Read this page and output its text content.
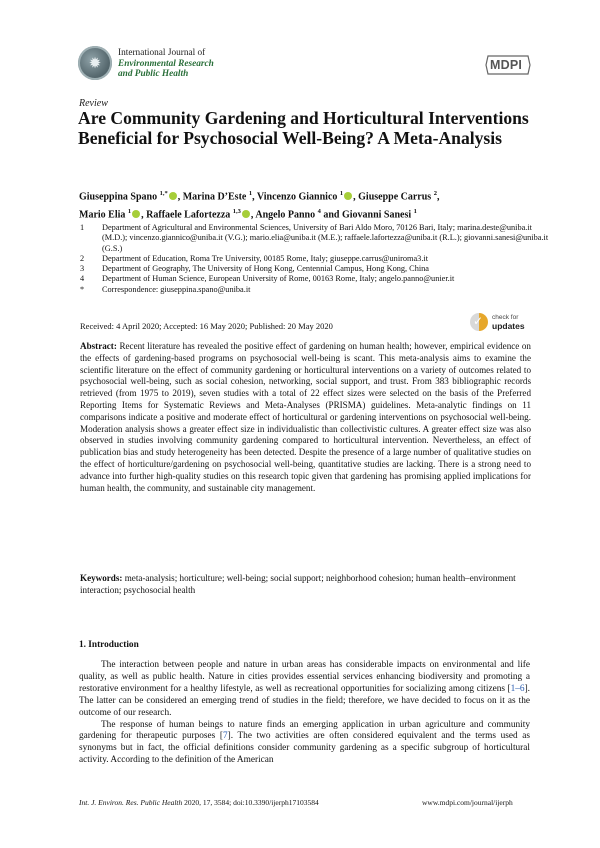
✹
International Journal of
Environmental Research
and Public Health
MDPI
Review
Are Community Gardening and Horticultural Interventions Beneficial for Psychosocial Well-Being? A Meta-Analysis
Giuseppina Spano $^{1,*}$ , Marina D’Este $^1$, Vincenzo Giannico $^1$ , Giuseppe Carrus $^2$,
Mario Elia $^1$ , Raffaele Lafortezza $^{1,3}$ , Angelo Panno $^4$ and Giovanni Sanesi $^1$
1	Department of Agricultural and Environmental Sciences, University of Bari Aldo Moro, 70126 Bari, Italy; marina.deste@uniba.it (M.D.); vincenzo.giannico@uniba.it (V.G.); mario.elia@uniba.it (M.E.); raffaele.lafortezza@uniba.it (R.L.); giovanni.sanesi@uniba.it (G.S.)
2	Department of Education, Roma Tre University, 00185 Rome, Italy; giuseppe.carrus@uniroma3.it
3	Department of Geography, The University of Hong Kong, Centennial Campus, Hong Kong, China
4	Department of Human Science, European University of Rome, 00163 Rome, Italy; angelo.panno@unier.it
*	Correspondence: giuseppina.spano@uniba.it
Received: 4 April 2020; Accepted: 16 May 2020; Published: 20 May 2020
✓
check for
updates
Abstract: Recent literature has revealed the positive effect of gardening on human health; however, empirical evidence on the effects of gardening-based programs on psychosocial well-being is scant. This meta-analysis aims to examine the scientific literature on the effect of community gardening or horticultural interventions on a variety of outcomes related to psychosocial well-being, such as social cohesion, networking, social support, and trust. From 383 bibliographic records retrieved (from 1975 to 2019), seven studies with a total of 22 effect sizes were selected on the basis of the Preferred Reporting Items for Systematic Reviews and Meta-Analyses (PRISMA) guidelines. Meta-analytic findings on 11 comparisons indicate a positive and moderate effect of horticultural or gardening interventions on psychosocial well-being. Moderation analysis shows a greater effect size in individualistic than collectivistic cultures. A greater effect size was also observed in studies involving community gardening compared to horticultural intervention. Nevertheless, an effect of publication bias and study heterogeneity has been detected. Despite the presence of a large number of qualitative studies on the effect of horticulture/gardening on psychosocial well-being, quantitative studies are lacking. There is a strong need to advance into further high-quality studies on this research topic given that gardening has promising applied implications for human health, the community, and sustainable city management.
Keywords: meta-analysis; horticulture; well-being; social support; neighborhood cohesion; human health–environment interaction; psychosocial health
1. Introduction

The interaction between people and nature in urban areas has considerable impacts on environmental and life quality, as well as public health. Nature in cities provides essential services enhancing biodiversity and promoting a restorative environment for a healthy lifestyle, as well as recreational opportunities for socializing among citizens [1–6]. The latter can be considered an emerging trend of studies in the field; therefore, we have decided to focus on it as the outcome of our research.

The response of human beings to nature finds an emerging application in urban agriculture and community gardening for therapeutic purposes [7]. The two activities are often considered equivalent and the terms used as synonyms but in fact, the official definitions consider community gardening as a specific subgroup of horticultural activity. According to the definition of the American

Int. J. Environ. Res. Public Health 2020, 17, 3584; doi:10.3390/ijerph17103584	www.mdpi.com/journal/ijerph
